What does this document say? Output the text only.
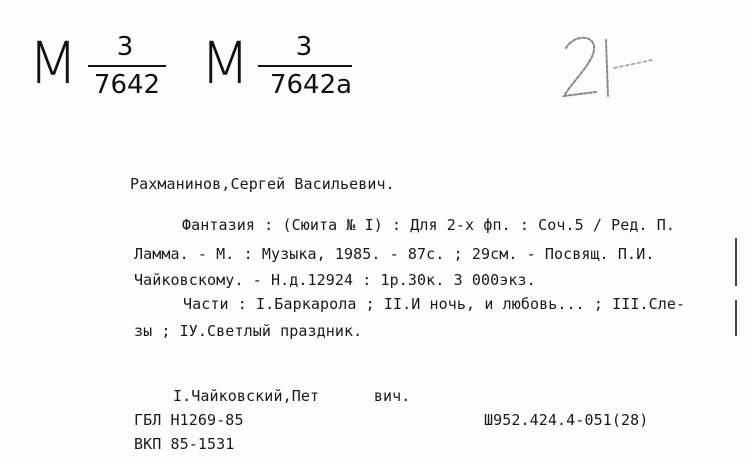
M	3
7642 M	3
7642a
Рахманинов,Сергей Васильевич.
Фантазия : (Сюита № I) : Для 2-х фп. : Соч.5 / Ред. П.
Ламма. - М. : Музыка, 1985. - 87с. ; 29см. - Посвящ. П.И.
Чайковскому. - Н.д.12924 : 1р.30к. 3 000экз.
Части : I.Баркарола ; II.И ночь, и любовь... ; III.Сле-
зы ; IУ.Светлый праздник.
I.Чайковский,Пет      вич.
ГБЛ Н1269-85
ВКП 85-1531
Ш952.424.4-051(28)
